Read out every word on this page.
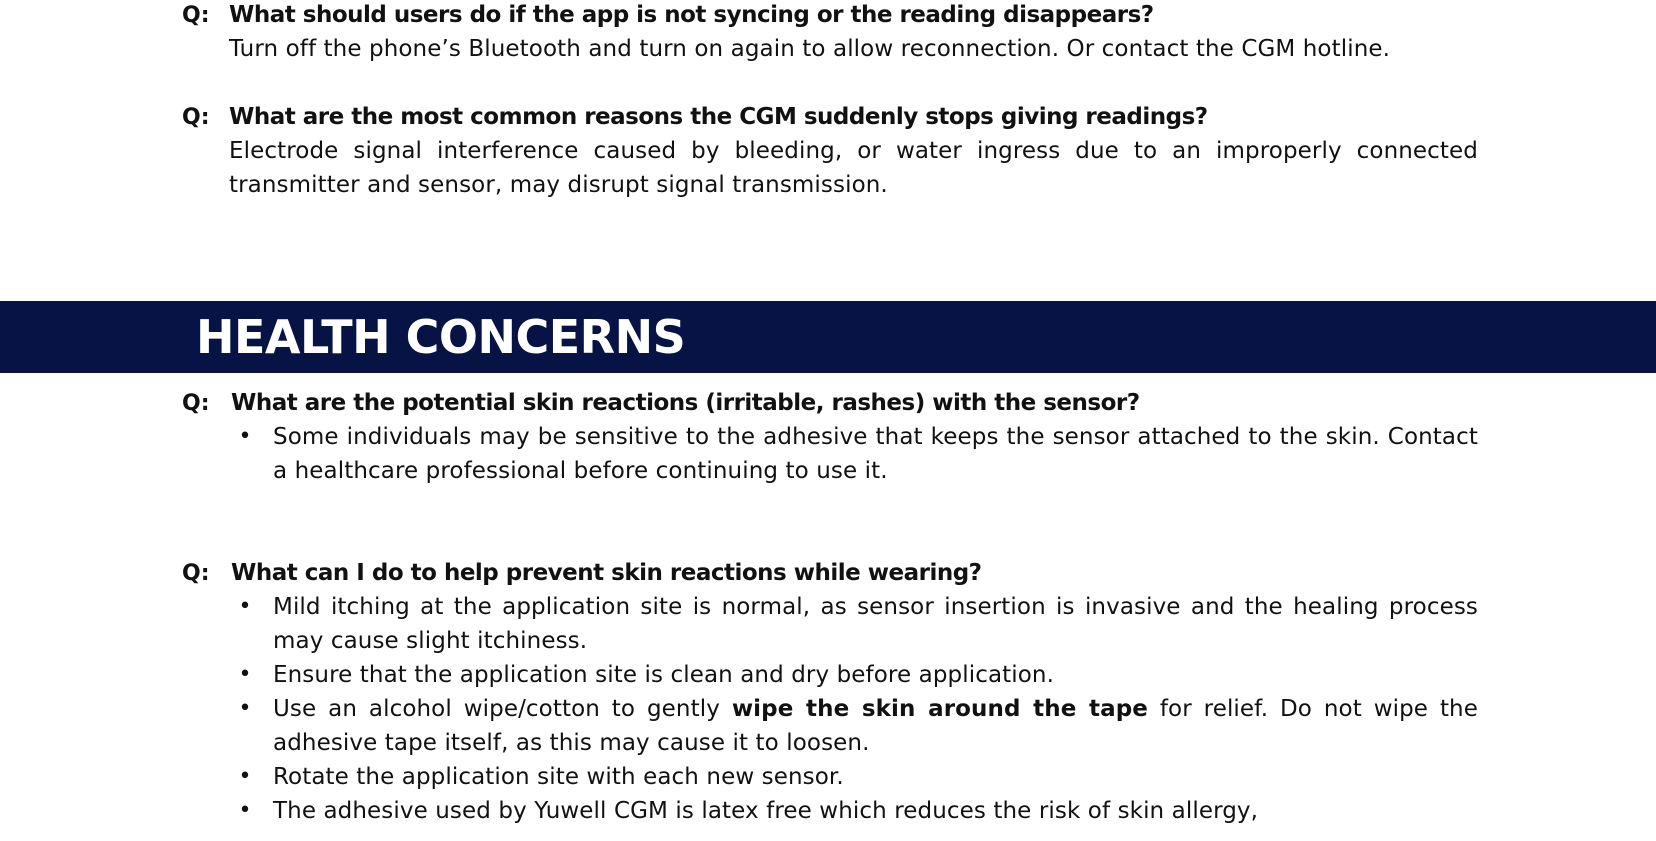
Q: What should users do if the app is not syncing or the reading disappears?
Turn off the phone’s Bluetooth and turn on again to allow reconnection. Or contact the CGM hotline.
Q: What are the most common reasons the CGM suddenly stops giving readings?
Electrode signal interference caused by bleeding, or water ingress due to an improperly connected transmitter and sensor, may disrupt signal transmission.
HEALTH CONCERNS
Q: What are the potential skin reactions (irritable, rashes) with the sensor?
• Some individuals may be sensitive to the adhesive that keeps the sensor attached to the skin. Contact a healthcare professional before continuing to use it.
Q: What can I do to help prevent skin reactions while wearing?
• Mild itching at the application site is normal, as sensor insertion is invasive and the healing process may cause slight itchiness.
• Ensure that the application site is clean and dry before application.
• Use an alcohol wipe/cotton to gently wipe the skin around the tape for relief. Do not wipe the adhesive tape itself, as this may cause it to loosen.
• Rotate the application site with each new sensor.
• The adhesive used by Yuwell CGM is latex free which reduces the risk of skin allergy,
